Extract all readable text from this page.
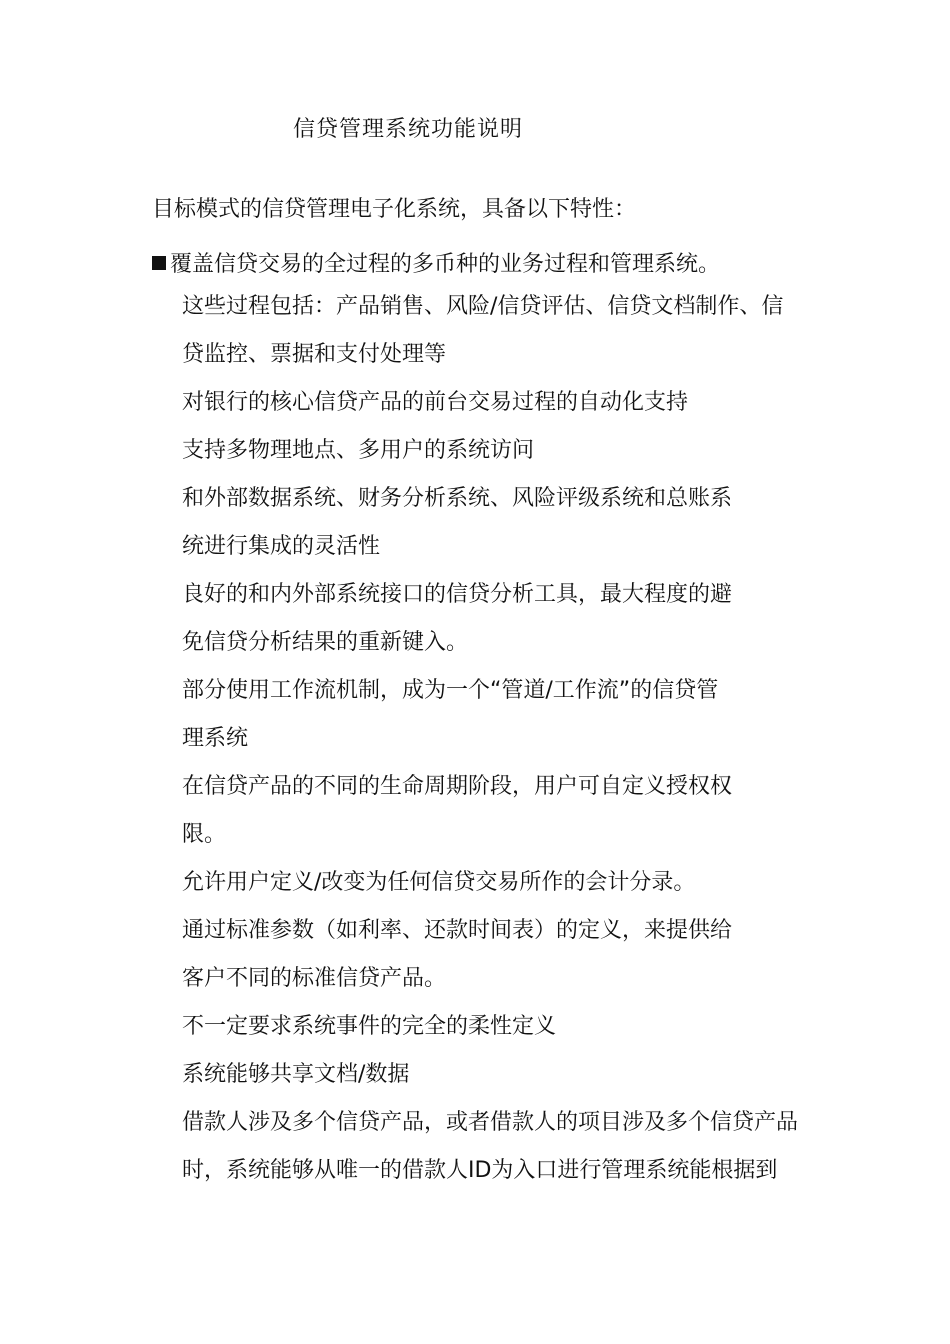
信贷管理系统功能说明
目标模式的信贷管理电子化系统，具备以下特性：
覆盖信贷交易的全过程的多币种的业务过程和管理系统。
这些过程包括：产品销售、风险/信贷评估、信贷文档制作、信
贷监控、票据和支付处理等
对银行的核心信贷产品的前台交易过程的自动化支持
支持多物理地点、多用户的系统访问
和外部数据系统、财务分析系统、风险评级系统和总账系
统进行集成的灵活性
良好的和内外部系统接口的信贷分析工具，最大程度的避
免信贷分析结果的重新键入。
部分使用工作流机制，成为一个“管道/工作流”的信贷管
理系统
在信贷产品的不同的生命周期阶段，用户可自定义授权权
限。
允许用户定义/改变为任何信贷交易所作的会计分录。
通过标准参数（如利率、还款时间表）的定义，来提供给
客户不同的标准信贷产品。
不一定要求系统事件的完全的柔性定义
系统能够共享文档/数据
借款人涉及多个信贷产品，或者借款人的项目涉及多个信贷产品
时，系统能够从唯一的借款人ID为入口进行管理系统能根据到
